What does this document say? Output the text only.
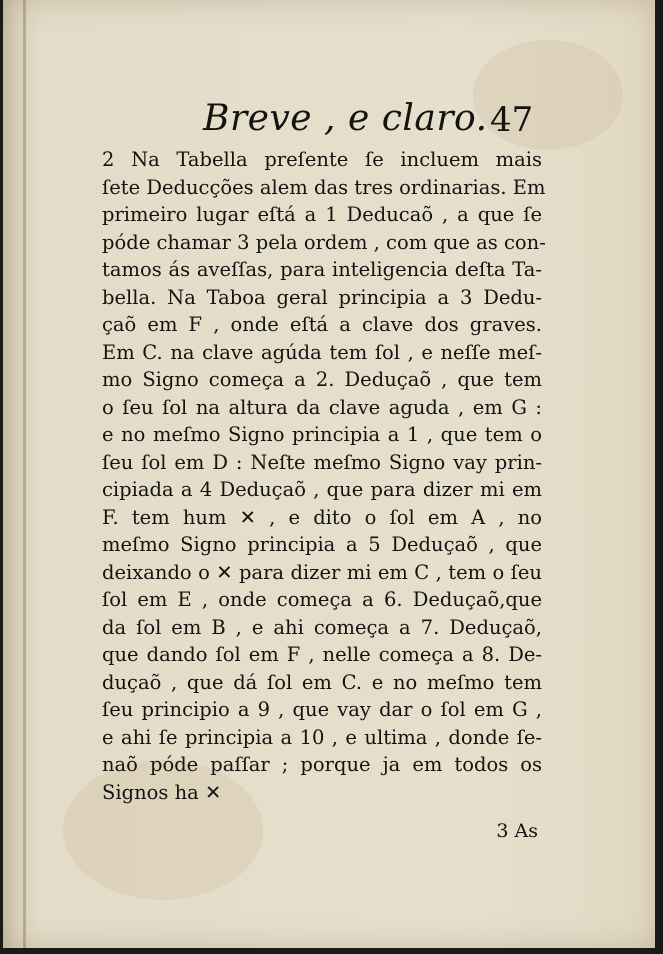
Breve , e claro. 47
2 Na Tabella preſente ſe incluem mais
ſete Deducções alem das tres ordinarias. Em
primeiro lugar eſtá a 1 Deducaõ , a que ſe
póde chamar 3 pela ordem , com que as con-
tamos ás aveſſas, para inteligencia deſta Ta-
bella. Na Taboa geral principia a 3 Dedu-
çaõ em F , onde eſtá a clave dos graves.
Em C. na clave agúda tem ſol , e neſſe meſ-
mo Signo começa a 2. Deduçaõ , que tem
o ſeu ſol na altura da clave aguda , em G :
e no meſmo Signo principia a 1 , que tem o
ſeu ſol em D : Neſte meſmo Signo vay prin-
cipiada a 4 Deduçaõ , que para dizer mi em
F. tem hum ✕ , e dito o ſol em A , no
meſmo Signo principia a 5 Deduçaõ , que
deixando o ✕ para dizer mi em C , tem o ſeu
ſol em E , onde começa a 6. Deduçaõ,que
da ſol em B , e ahi começa a 7. Deduçaõ,
que dando ſol em F , nelle começa a 8. De-
duçaõ , que dá ſol em C. e no meſmo tem
ſeu principio a 9 , que vay dar o ſol em G ,
e ahi ſe principia a 10 , e ultima , donde ſe-
naõ póde paſſar ; porque ja em todos os
Signos ha ✕
3 As
